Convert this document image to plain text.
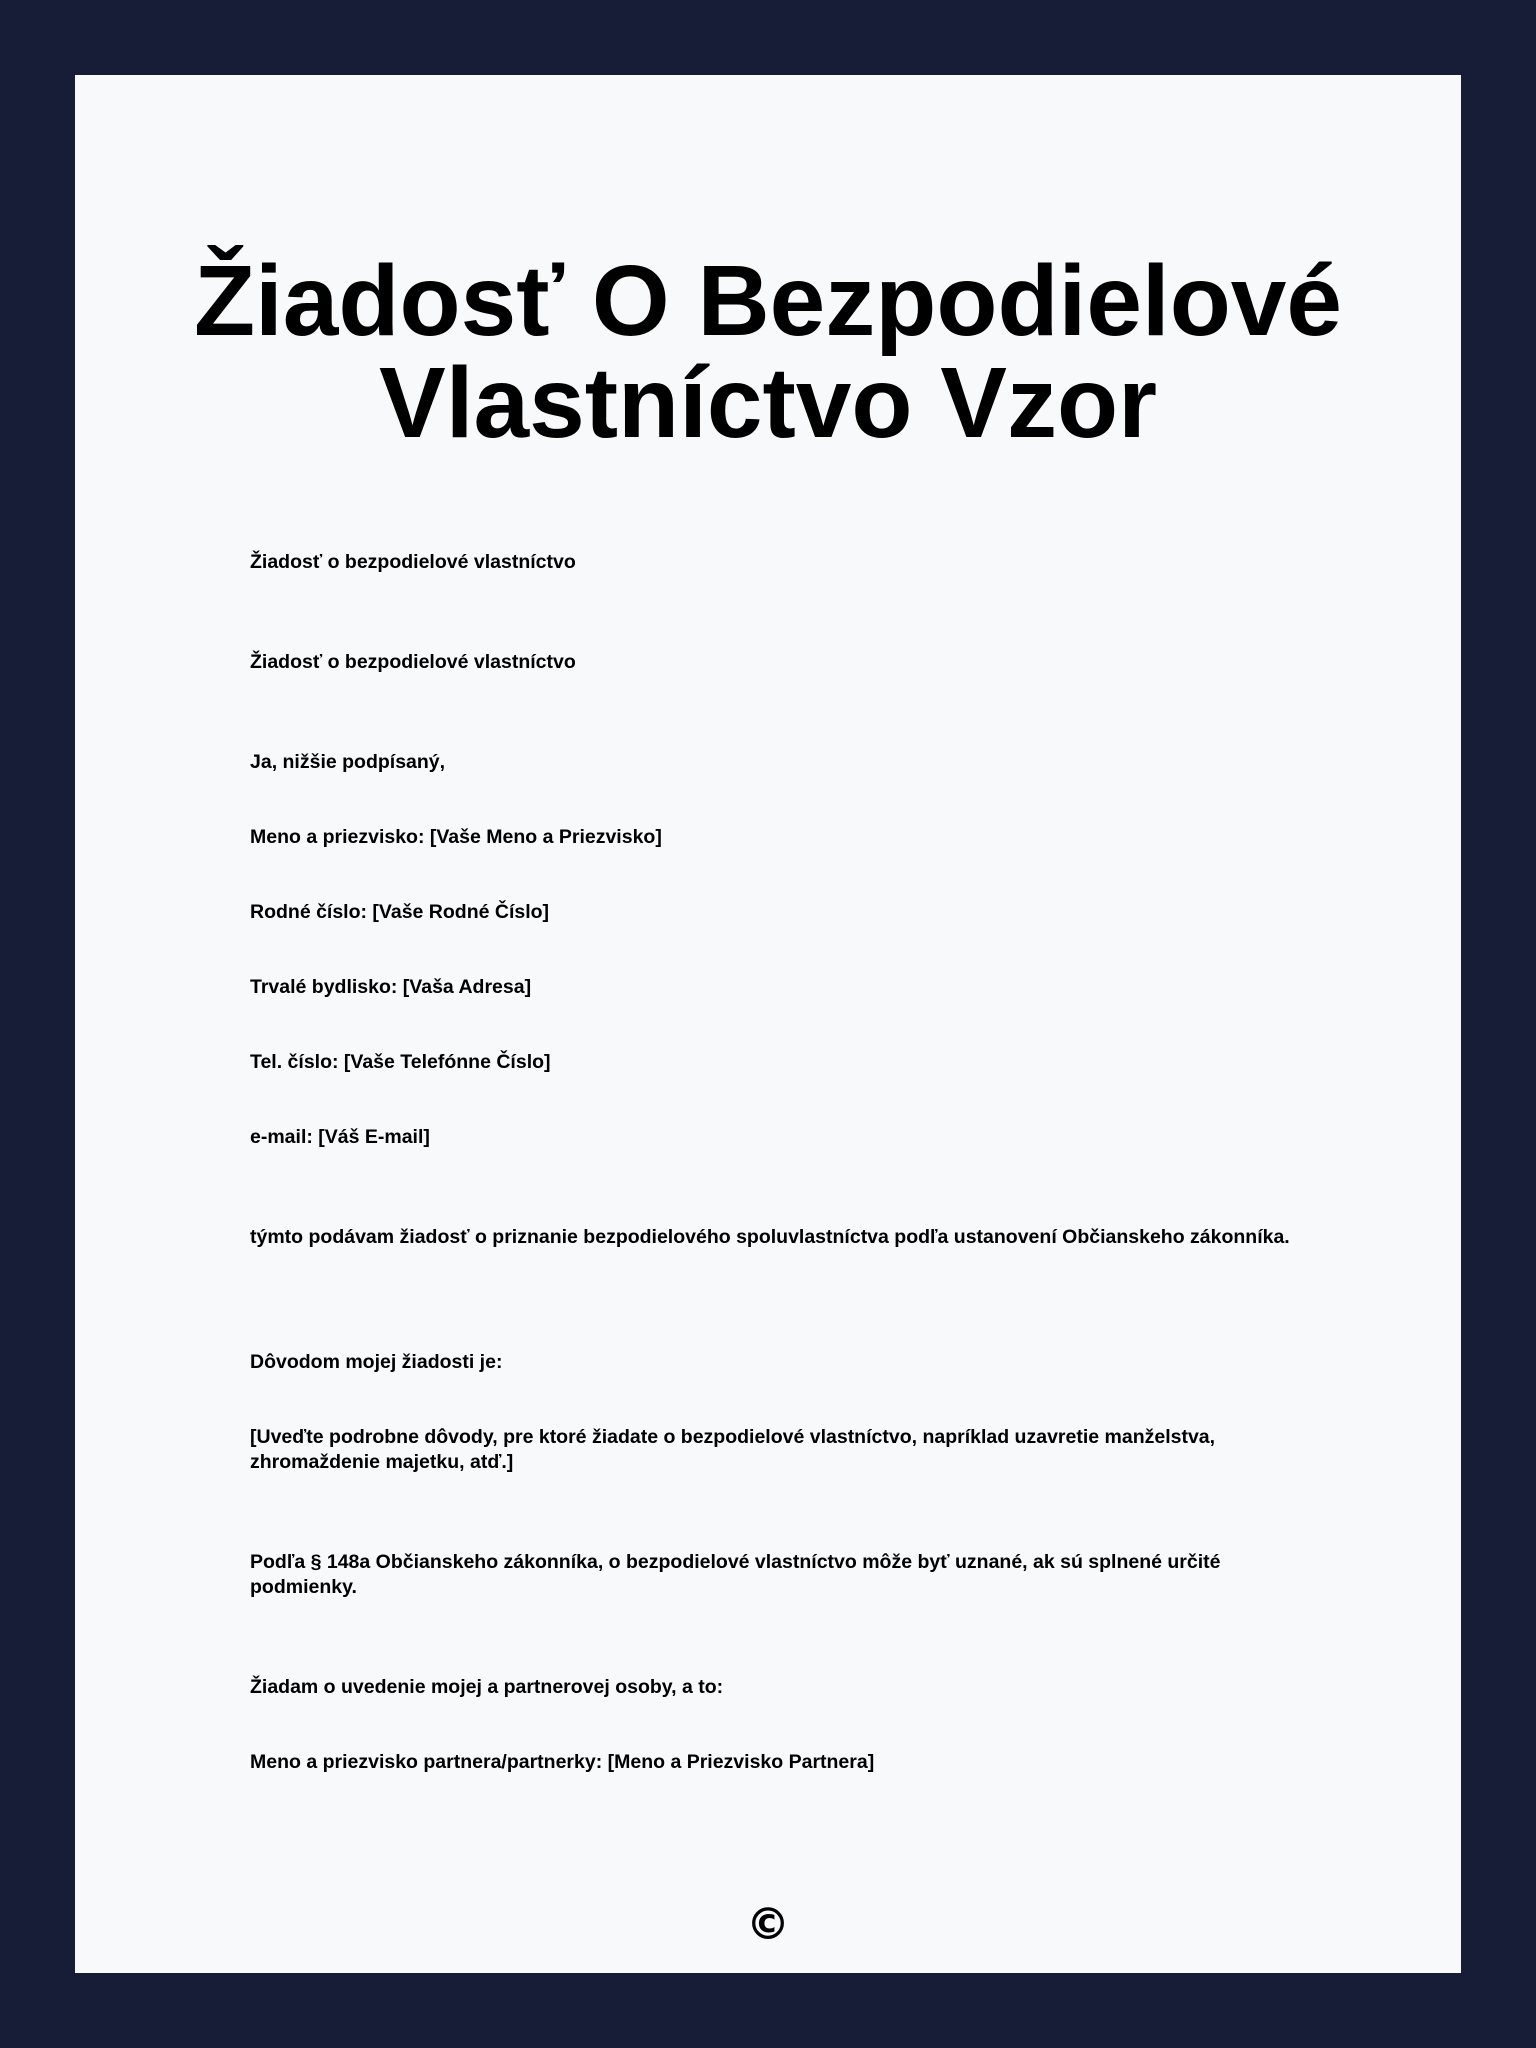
Žiadosť O Bezpodielové Vlastníctvo Vzor

Žiadosť o bezpodielové vlastníctvo

Žiadosť o bezpodielové vlastníctvo

Ja, nižšie podpísaný,

Meno a priezvisko: [Vaše Meno a Priezvisko]

Rodné číslo: [Vaše Rodné Číslo]

Trvalé bydlisko: [Vaša Adresa]

Tel. číslo: [Vaše Telefónne Číslo]

e-mail: [Váš E-mail]

týmto podávam žiadosť o priznanie bezpodielového spoluvlastníctva podľa ustanovení Občianskeho zákonníka.

Dôvodom mojej žiadosti je:

[Uveďte podrobne dôvody, pre ktoré žiadate o bezpodielové vlastníctvo, napríklad uzavretie manželstva, zhromaždenie majetku, atď.]

Podľa § 148a Občianskeho zákonníka, o bezpodielové vlastníctvo môže byť uznané, ak sú splnené určité podmienky.

Žiadam o uvedenie mojej a partnerovej osoby, a to:

Meno a priezvisko partnera/partnerky: [Meno a Priezvisko Partnera]

©
